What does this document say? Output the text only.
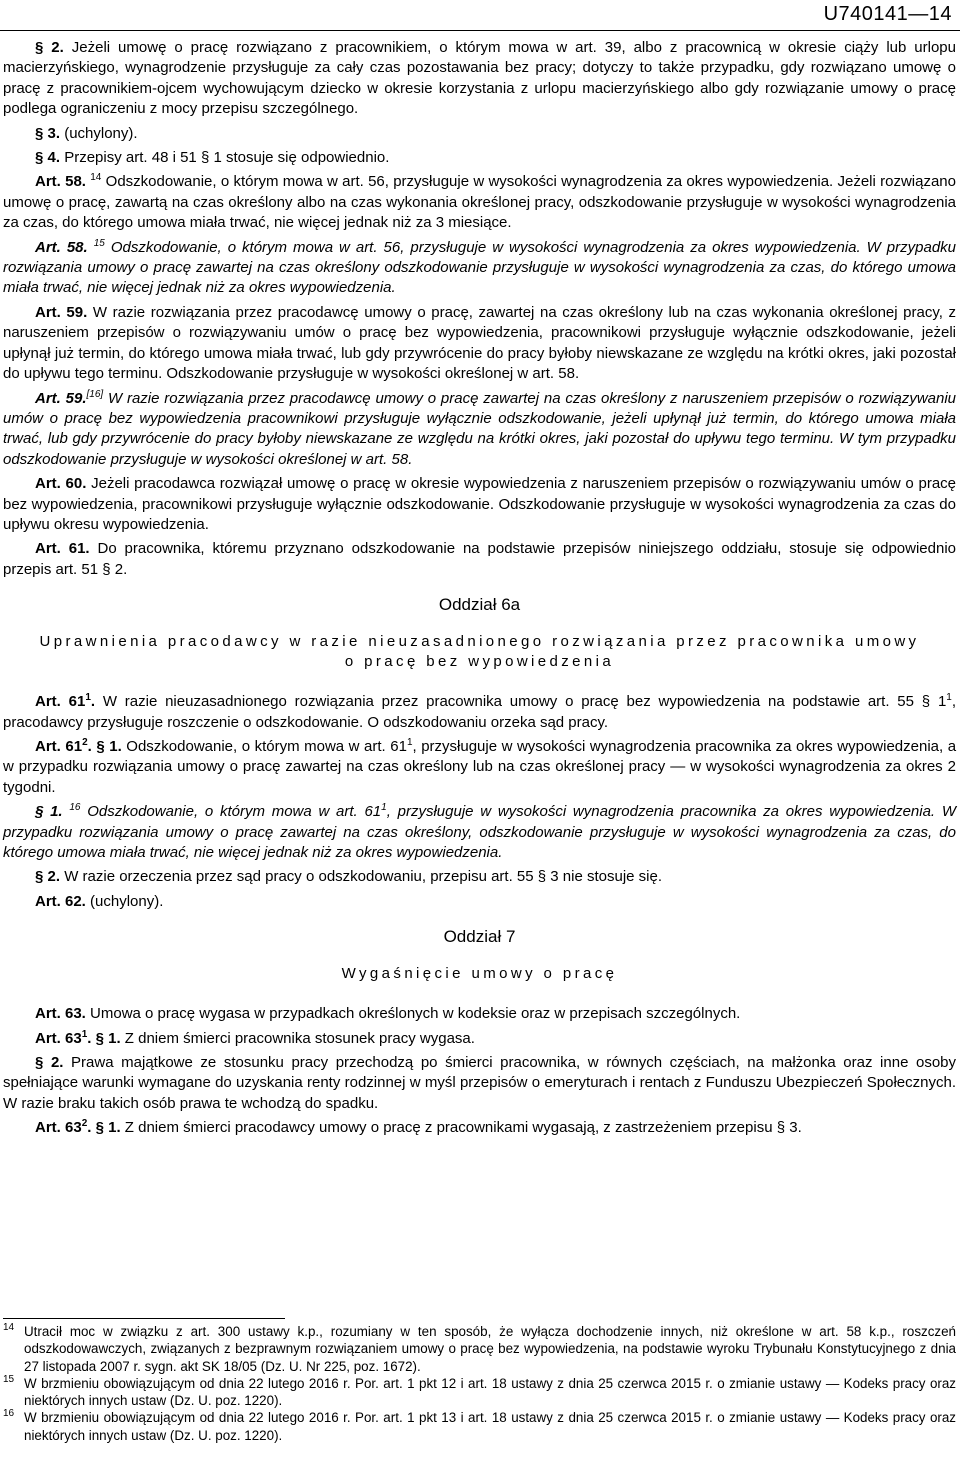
U740141—14

§ 2. Jeżeli umowę o pracę rozwiązano z pracownikiem, o którym mowa w art. 39, albo z pracownicą w okresie ciąży lub urlopu macierzyńskiego, wynagrodzenie przysługuje za cały czas pozostawania bez pracy; dotyczy to także przypadku, gdy rozwiązano umowę o pracę z pracownikiem-ojcem wychowującym dziecko w okresie korzystania z urlopu macierzyńskiego albo gdy rozwiązanie umowy o pracę podlega ograniczeniu z mocy przepisu szczególnego.

§ 3. (uchylony).

§ 4. Przepisy art. 48 i 51 § 1 stosuje się odpowiednio.

Art. 58. $^{14}$ Odszkodowanie, o którym mowa w art. 56, przysługuje w wysokości wynagrodzenia za okres wypowiedzenia. Jeżeli rozwiązano umowę o pracę, zawartą na czas określony albo na czas wykonania określonej pracy, odszkodowanie przysługuje w wysokości wynagrodzenia za czas, do którego umowa miała trwać, nie więcej jednak niż za 3 miesiące.

Art. 58. $^{15}$ Odszkodowanie, o którym mowa w art. 56, przysługuje w wysokości wynagrodzenia za okres wypowiedzenia. W przypadku rozwiązania umowy o pracę zawartej na czas określony odszkodowanie przysługuje w wysokości wynagrodzenia za czas, do którego umowa miała trwać, nie więcej jednak niż za okres wypowiedzenia.

Art. 59. W razie rozwiązania przez pracodawcę umowy o pracę, zawartej na czas określony lub na czas wykonania określonej pracy, z naruszeniem przepisów o rozwiązywaniu umów o pracę bez wypowiedzenia, pracownikowi przysługuje wyłącznie odszkodowanie, jeżeli upłynął już termin, do którego umowa miała trwać, lub gdy przywrócenie do pracy byłoby niewskazane ze względu na krótki okres, jaki pozostał do upływu tego terminu. Odszkodowanie przysługuje w wysokości określonej w art. 58.

Art. 59.[16] W razie rozwiązania przez pracodawcę umowy o pracę zawartej na czas określony z naruszeniem przepisów o rozwiązywaniu umów o pracę bez wypowiedzenia pracownikowi przysługuje wyłącznie odszkodowanie, jeżeli upłynął już termin, do którego umowa miała trwać, lub gdy przywrócenie do pracy byłoby niewskazane ze względu na krótki okres, jaki pozostał do upływu tego terminu. W tym przypadku odszkodowanie przysługuje w wysokości określonej w art. 58.

Art. 60. Jeżeli pracodawca rozwiązał umowę o pracę w okresie wypowiedzenia z naruszeniem przepisów o rozwiązywaniu umów o pracę bez wypowiedzenia, pracownikowi przysługuje wyłącznie odszkodowanie. Odszkodowanie przysługuje w wysokości wynagrodzenia za czas do upływu okresu wypowiedzenia.

Art. 61. Do pracownika, któremu przyznano odszkodowanie na podstawie przepisów niniejszego oddziału, stosuje się odpowiednio przepis art. 51 § 2.

Oddział 6a
Uprawnienia pracodawcy w razie nieuzasadnionego rozwiązania przez pracownika umowy
o pracę bez wypowiedzenia

Art. $61^1$. W razie nieuzasadnionego rozwiązania przez pracownika umowy o pracę bez wypowiedzenia na podstawie art. 55 § $1^1$, pracodawcy przysługuje roszczenie o odszkodowanie. O odszkodowaniu orzeka sąd pracy.

Art. $61^2$. § 1. Odszkodowanie, o którym mowa w art. $61^1$, przysługuje w wysokości wynagrodzenia pracownika za okres wypowiedzenia, a w przypadku rozwiązania umowy o pracę zawartej na czas określony lub na czas określonej pracy — w wysokości wynagrodzenia za okres 2 tygodni.

§ 1. $^{16}$ Odszkodowanie, o którym mowa w art. $61^1$, przysługuje w wysokości wynagrodzenia pracownika za okres wypowiedzenia. W przypadku rozwiązania umowy o pracę zawartej na czas określony, odszkodowanie przysługuje w wysokości wynagrodzenia za czas, do którego umowa miała trwać, nie więcej jednak niż za okres wypowiedzenia.

§ 2. W razie orzeczenia przez sąd pracy o odszkodowaniu, przepisu art. 55 § 3 nie stosuje się.

Art. 62. (uchylony).

Oddział 7
Wygaśnięcie umowy o pracę

Art. 63. Umowa o pracę wygasa w przypadkach określonych w kodeksie oraz w przepisach szczególnych.

Art. $63^1$. § 1. Z dniem śmierci pracownika stosunek pracy wygasa.

§ 2. Prawa majątkowe ze stosunku pracy przechodzą po śmierci pracownika, w równych częściach, na małżonka oraz inne osoby spełniające warunki wymagane do uzyskania renty rodzinnej w myśl przepisów o emeryturach i rentach z Funduszu Ubezpieczeń Społecznych. W razie braku takich osób prawa te wchodzą do spadku.

Art. $63^2$. § 1. Z dniem śmierci pracodawcy umowy o pracę z pracownikami wygasają, z zastrzeżeniem przepisu § 3.

14 Utracił moc w związku z art. 300 ustawy k.p., rozumiany w ten sposób, że wyłącza dochodzenie innych, niż określone w art. 58 k.p., roszczeń odszkodowawczych, związanych z bezprawnym rozwiązaniem umowy o pracę bez wypowiedzenia, na podstawie wyroku Trybunału Konstytucyjnego z dnia 27 listopada 2007 r. sygn. akt SK 18/05 (Dz. U. Nr 225, poz. 1672).

15 W brzmieniu obowiązującym od dnia 22 lutego 2016 r. Por. art. 1 pkt 12 i art. 18 ustawy z dnia 25 czerwca 2015 r. o zmianie ustawy — Kodeks pracy oraz niektórych innych ustaw (Dz. U. poz. 1220).

16 W brzmieniu obowiązującym od dnia 22 lutego 2016 r. Por. art. 1 pkt 13 i art. 18 ustawy z dnia 25 czerwca 2015 r. o zmianie ustawy — Kodeks pracy oraz niektórych innych ustaw (Dz. U. poz. 1220).
